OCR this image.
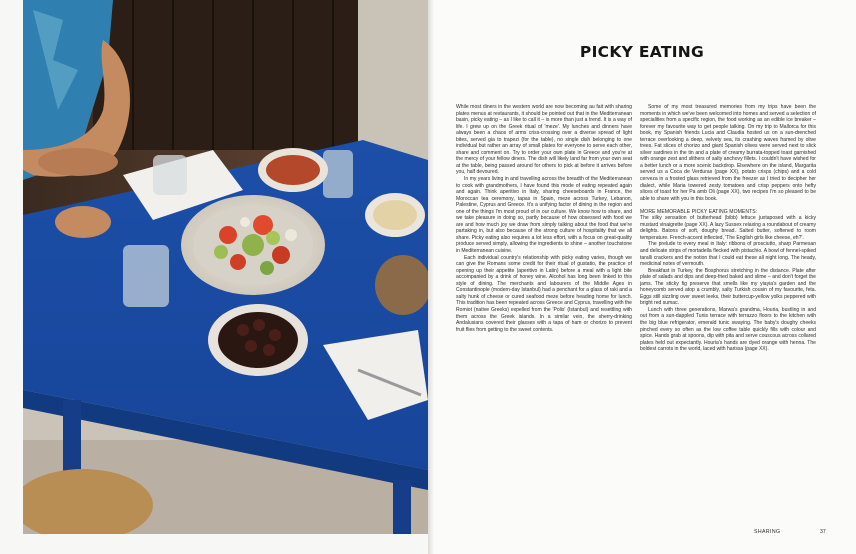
PICKY EATING

While most diners in the western world are now becoming au fait with sharing plates menus at restaurants, it should be pointed out that in the Mediterranean basin, picky eating – as I like to call it – is more than just a trend. It is a way of life. I grew up on the Greek ritual of 'meze'. My lunches and dinners have always been a chaos of arms criss-crossing over a diverse spread of light bites, served gia to trapezi (for the table), no single dish belonging to one individual but rather an array of small plates for everyone to serve each other, share and comment on. Try to order your own plate in Greece and you're at the mercy of your fellow diners. The dish will likely land far from your own seat at the table, being passed around for others to pick at before it arrives before you, half devoured.

In my years living in and travelling across the breadth of the Mediterranean to cook with grandmothers, I have found this mode of eating repeated again and again. Think aperitivo in Italy, sharing cheeseboards in France, the Moroccan tea ceremony, tapas in Spain, meze across Turkey, Lebanon, Palestine, Cyprus and Greece. It's a unifying factor of dining in the region and one of the things I'm most proud of in our culture. We know how to share, and we take pleasure in doing so, partly because of how obsessed with food we are and how much joy we draw from simply talking about the food that we're partaking in, but also because of the strong culture of hospitality that we all share. Picky eating also requires a lot less effort, with a focus on great-quality produce served simply, allowing the ingredients to shine – another touchstone in Mediterranean cuisine.

Each individual country's relationship with picky eating varies, though we can give the Romans some credit for their ritual of gustatio, the practice of opening up their appetite (aperitivo in Latin) before a meal with a light bite accompanied by a drink of honey wine. Alcohol has long been linked to this style of dining. The merchants and labourers of the Middle Ages in Constantinople (modern-day Istanbul) had a penchant for a glass of raki and a salty hunk of cheese or cured seafood meze before heading home for lunch. This tradition has been repeated across Greece and Cyprus, travelling with the Romiot (native Greeks) expelled from the 'Polis' (Istanbul) and resettling with them across the Greek islands. In a similar vein, the sherry-drinking Andalusians covered their glasses with a tapa of ham or chorizo to prevent fruit flies from getting to the sweet contents.

Some of my most treasured memories from my trips have been the moments in which we've been welcomed into homes and served a selection of specialities from a specific region, the food working as an edible ice breaker – forever my favourite way to get people talking. On my trip to Mallorca for this book, my Spanish friends Lucia and Claudia hosted us on a sun-drenched terrace overlooking a deep, velvety sea, its crashing waves framed by olive trees. Fat slices of chorizo and giant Spanish olives were served next to slick silver sardines in the tin and a plate of creamy burrata-topped toast garnished with orange zest and slithers of salty anchovy fillets. I couldn't have wished for a better lunch or a more scenic backdrop. Elsewhere on the island, Margarita served us a Coca de Verduras (page XX), potato crisps (chips) and a cold cerveza in a frosted glass retrieved from the freezer as I tried to decipher her dialect, while Maria towered zesty tomatoes and crisp peppers onto hefty slices of toast for her Pa amb Oli (page XX), two recipes I'm so pleased to be able to share with you in this book.

MORE MEMORABLE PICKY EATING MOMENTS:

The silky sensation of butterhead (bibb) lettuce juxtaposed with a kicky mustard vinaigrette (page XX). A lazy Sussex relaxing a roundabout of creamy delights. Batons of soft, doughy bread. Salted butter, softened to room temperature. French-accent inflected, 'The English girls like cheese, eh?'.

The prelude to every meal in Italy: ribbons of prosciutto, sharp Parmesan and delicate strips of mortadella flecked with pistachio. A bowl of fennel-spiked taralli crackers and the notion that I could eat these all night long. The heady, medicinal notes of vermouth.

Breakfast in Turkey, the Bosphorus stretching in the distance. Plate after plate of salads and dips and deep-fried baked and slime – and don't forget the jams. The sticky fig preserve that smells like my yiayia's garden and the honeycomb served atop a crumbly, salty Turkish cousin of my favourite, feta. Eggs still sizzling over sweet leeks, their buttercup-yellow yolks peppered with bright red sumac.

Lunch with three generations, Marwa's grandma, Houria, bustling in and out from a sun-dappled Tunis terrace with terrazzo floors to the kitchen with the big blue refrigerator, emerald tunic swaying. The baby's doughy cheeks pinched every so often as the low coffee table quickly fills with colour and spice. Hands grab at spoons, dip with pita and serve couscous across collared plates held out expectantly. Houria's hands are dyed orange with henna. The boldest carrots in the world, laced with harissa (page XX).

SHARING	37
